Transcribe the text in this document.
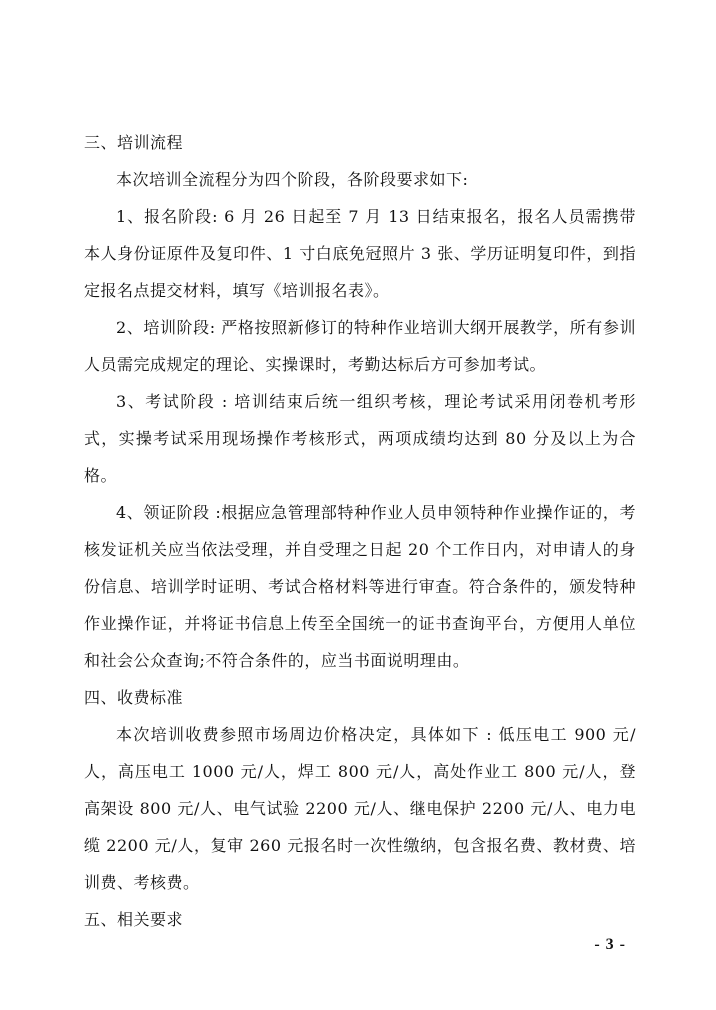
三、培训流程

本次培训全流程分为四个阶段，各阶段要求如下:

1、报名阶段: 6 月 26 日起至 7 月 13 日结束报名，报名人员需携带本人身份证原件及复印件、1 寸白底免冠照片 3 张、学历证明复印件，到指定报名点提交材料，填写《培训报名表》。

2、培训阶段: 严格按照新修订的特种作业培训大纲开展教学，所有参训人员需完成规定的理论、实操课时，考勤达标后方可参加考试。

3、考试阶段 : 培训结束后统一组织考核，理论考试采用闭卷机考形式，实操考试采用现场操作考核形式，两项成绩均达到 80 分及以上为合格。

4、领证阶段 :根据应急管理部特种作业人员申领特种作业操作证的，考核发证机关应当依法受理，并自受理之日起 20 个工作日内，对申请人的身份信息、培训学时证明、考试合格材料等进行审查。符合条件的，颁发特种作业操作证，并将证书信息上传至全国统一的证书查询平台，方便用人单位和社会公众查询;不符合条件的，应当书面说明理由。

四、收费标准

本次培训收费参照市场周边价格决定，具体如下 : 低压电工 900 元/人，高压电工 1000 元/人，焊工 800 元/人，高处作业工 800 元/人，登高架设 800 元/人、电气试验 2200 元/人、继电保护 2200 元/人、电力电缆 2200 元/人，复审 260 元报名时一次性缴纳，包含报名费、教材费、培训费、考核费。

五、相关要求

- 3 -
